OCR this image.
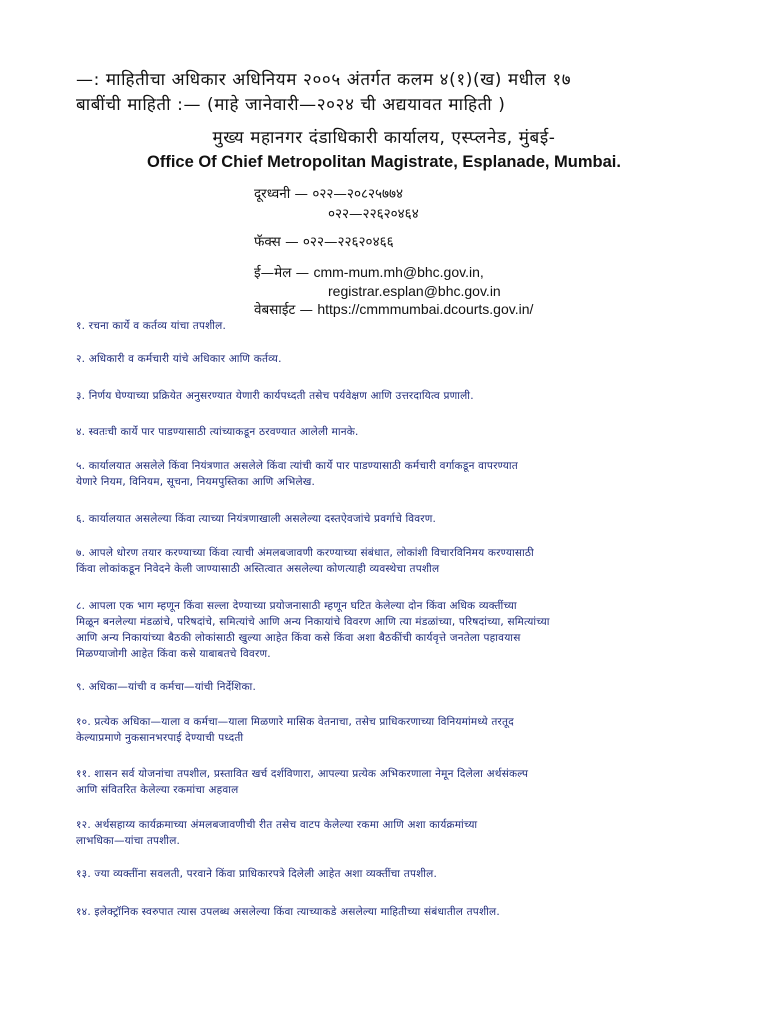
—: माहितीचा अधिकार अधिनियम २००५ अंतर्गत कलम ४(१)(ख) मधील १७
बाबींची माहिती :— (माहे जानेवारी—२०२४ ची अद्ययावत माहिती )
मुख्य महानगर दंडाधिकारी कार्यालय, एस्प्लनेड, मुंबई-
Office Of Chief Metropolitan Magistrate, Esplanade, Mumbai.
दूरध्वनी — ०२२—२०८२५७७४
०२२—२२६२०४६४
फॅक्स — ०२२—२२६२०४६६
ई—मेल — cmm-mum.mh@bhc.gov.in,
registrar.esplan@bhc.gov.in
वेबसाईट — https://cmmmumbai.dcourts.gov.in/
१. रचना कार्ये व कर्तव्य यांचा तपशील.
२. अधिकारी व कर्मचारी यांचे अधिकार आणि कर्तव्य.
३. निर्णय घेण्याच्या प्रक्रियेत अनुसरण्यात येणारी कार्यपध्दती तसेच पर्यवेक्षण आणि उत्तरदायित्व प्रणाली.
४. स्वतःची कार्ये पार पाडण्यासाठी त्यांच्याकडून ठरवण्यात आलेली मानके.
५. कार्यालयात असलेले किंवा नियंत्रणात असलेले किंवा त्यांची कार्ये पार पाडण्यासाठी कर्मचारी वर्गाकडून वापरण्यात
येणारे नियम, विनियम, सूचना, नियमपुस्तिका आणि अभिलेख.
६. कार्यालयात असलेल्या किंवा त्याच्या नियंत्रणाखाली असलेल्या दस्तऐवजांचे प्रवर्गाचे विवरण.
७. आपले धोरण तयार करण्याच्या किंवा त्याची अंमलबजावणी करण्याच्या संबंधात, लोकांशी विचारविनिमय करण्यासाठी
किंवा लोकांकडून निवेदने केली जाण्यासाठी अस्तित्वात असलेल्या कोणत्याही व्यवस्थेचा तपशील
८. आपला एक भाग म्हणून किंवा सल्ला देण्याच्या प्रयोजनासाठी म्हणून घटित केलेल्या दोन किंवा अधिक व्यक्तींच्या
मिळून बनलेल्या मंडळांचे, परिषदांचे, समित्यांचे आणि अन्य निकायांचे विवरण आणि त्या मंडळांच्या, परिषदांच्या, समित्यांच्या
आणि अन्य निकायांच्या बैठकी लोकांसाठी खुल्या आहेत किंवा कसे किंवा अशा बैठकींची कार्यवृत्ते जनतेला पहावयास
मिळण्याजोगी आहेत किंवा कसे याबाबतचे विवरण.
९. अधिका—यांची व कर्मचा—यांची निर्देशिका.
१०. प्रत्येक अधिका—याला व कर्मचा—याला मिळणारे मासिक वेतनाचा, तसेच प्राधिकरणाच्या विनियमांमध्ये तरतूद
केल्याप्रमाणे नुकसानभरपाई देण्याची पध्दती
११. शासन सर्व योजनांचा तपशील, प्रस्तावित खर्च दर्शविणारा, आपल्या प्रत्येक अभिकरणाला नेमून दिलेला अर्थसंकल्प
आणि संवितरित केलेल्या रकमांचा अहवाल
१२. अर्थसहाय्य कार्यक्रमाच्या अंमलबजावणीची रीत तसेच वाटप केलेल्या रकमा आणि अशा कार्यक्रमांच्या
लाभधिका—यांचा तपशील.
१३. ज्या व्यक्तींना सवलती, परवाने किंवा प्राधिकारपत्रे दिलेली आहेत अशा व्यक्तींचा तपशील.
१४. इलेक्ट्रॉनिक स्वरुपात त्यास उपलब्ध असलेल्या किंवा त्याच्याकडे असलेल्या माहितीच्या संबंधातील तपशील.
